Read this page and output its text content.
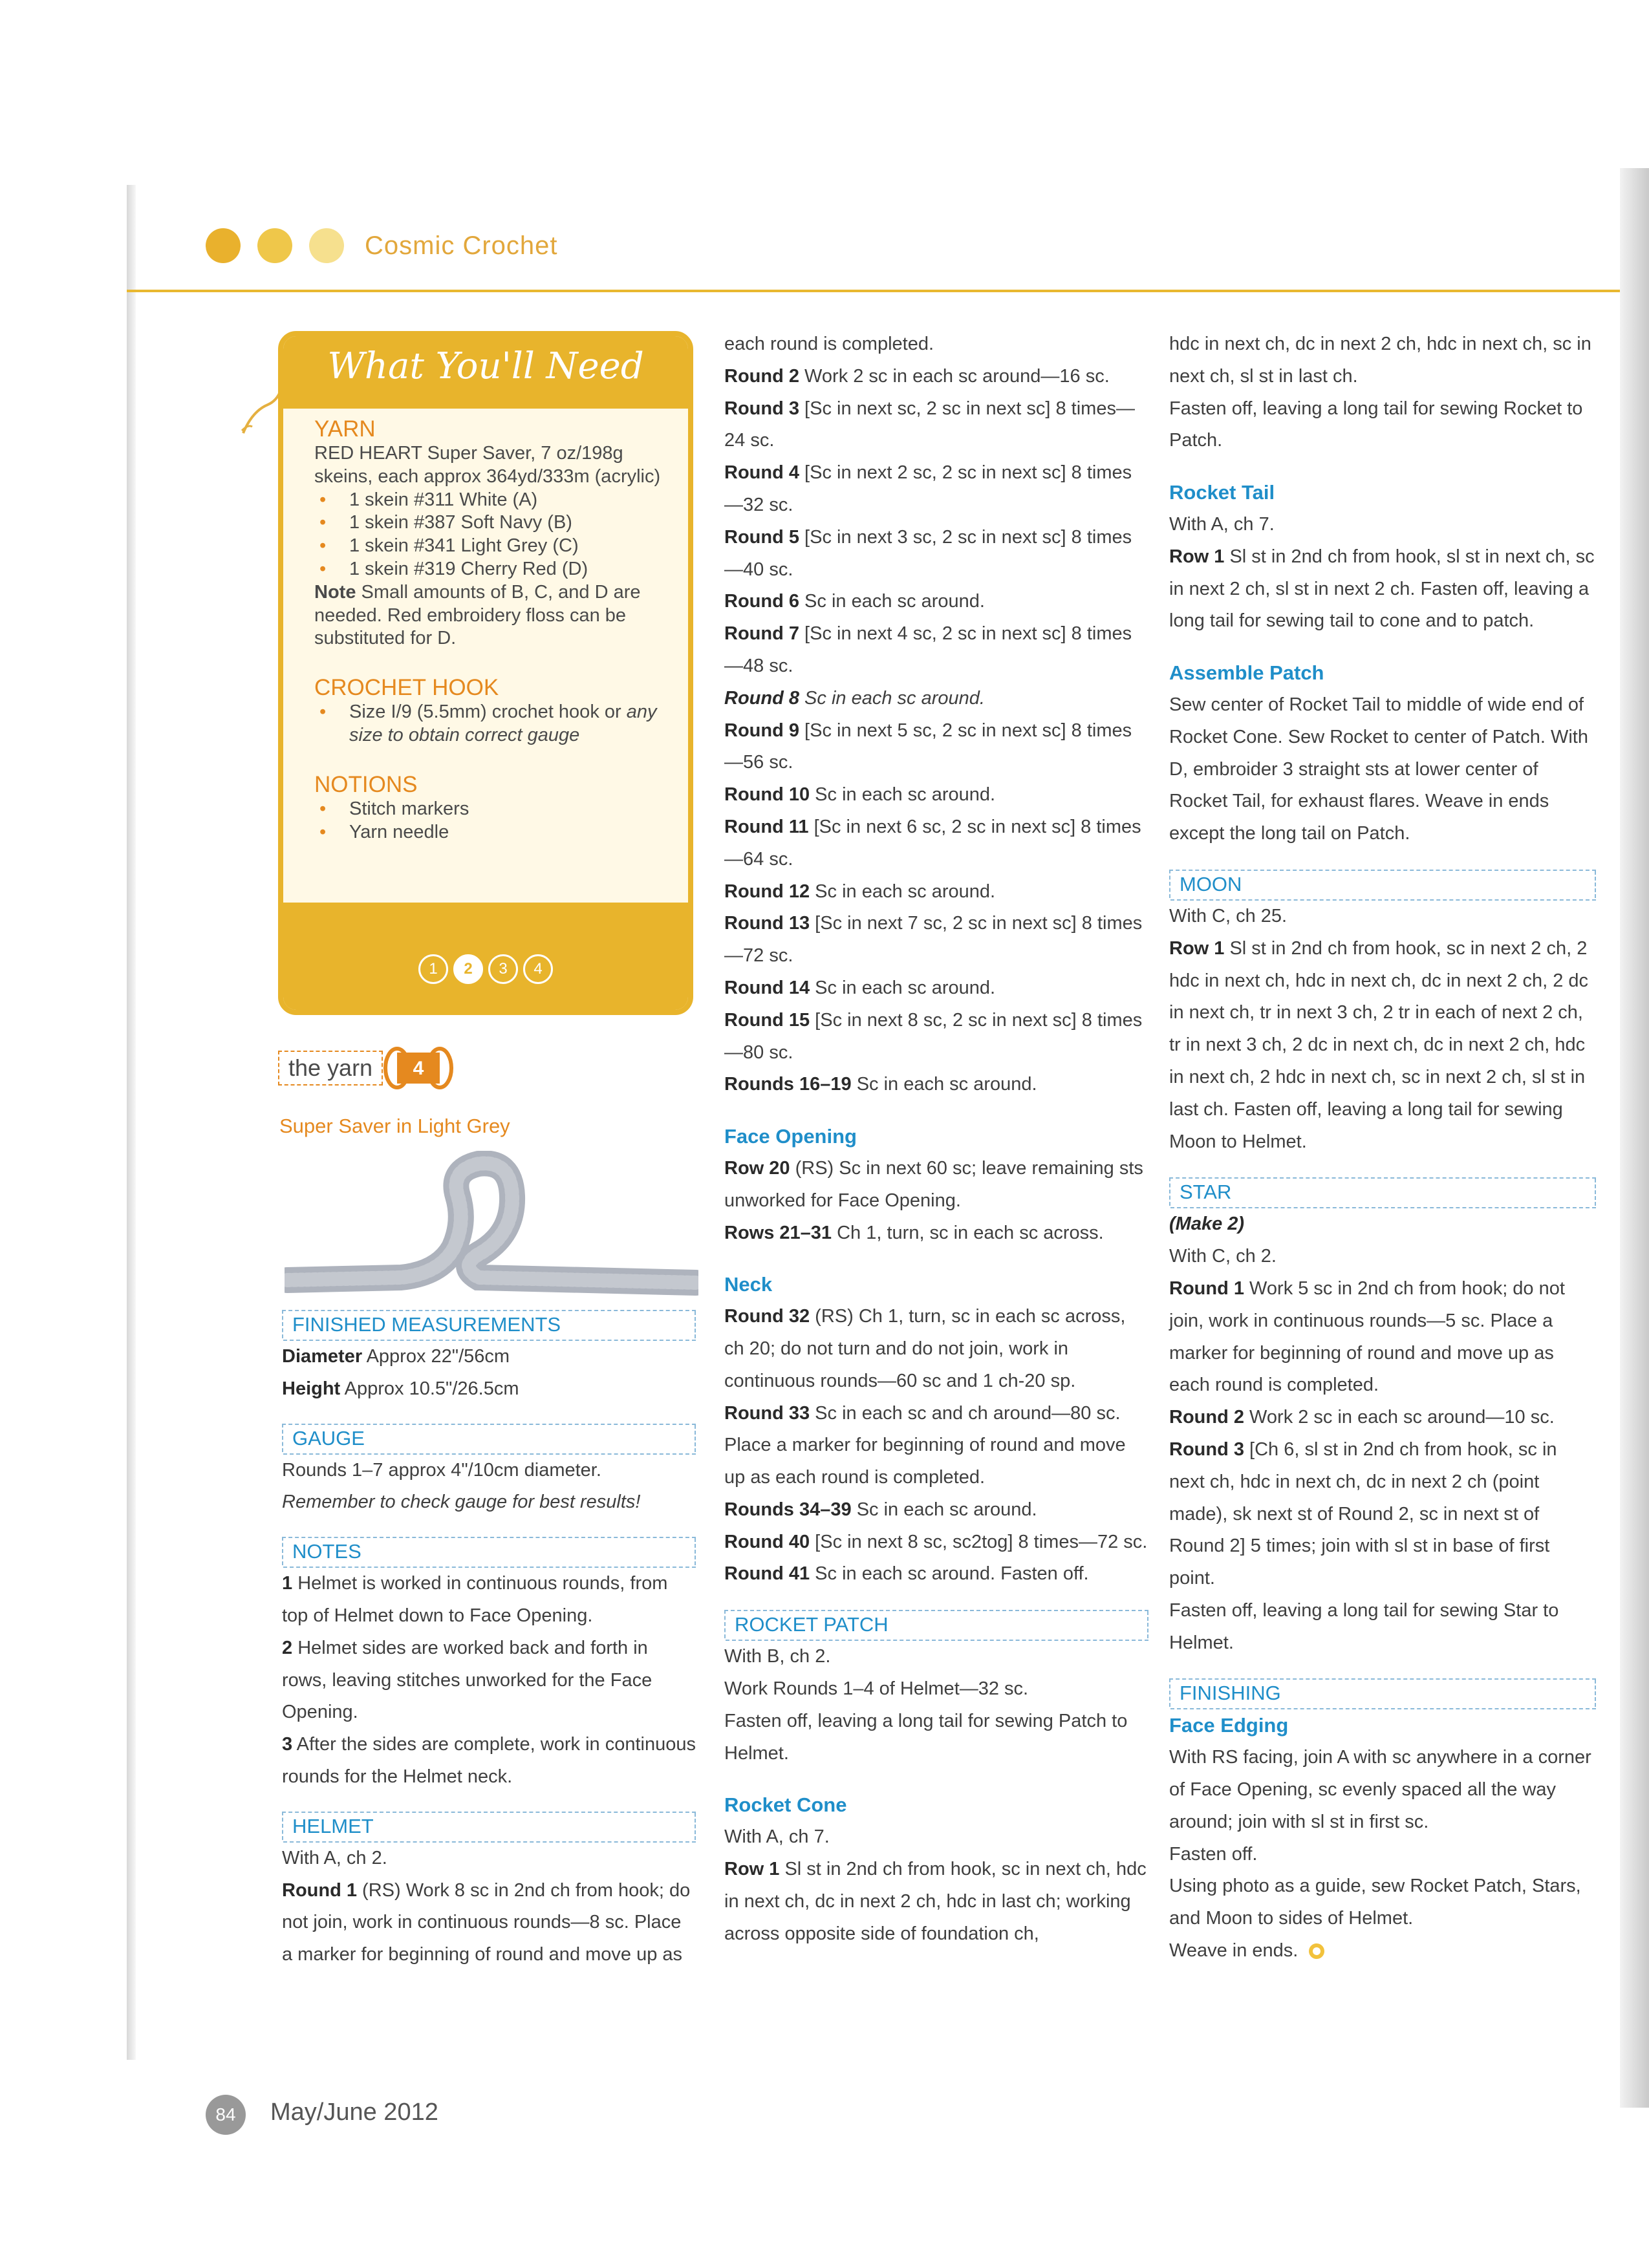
Cosmic Crochet
What You'll Need
YARN
RED HEART Super Saver, 7 oz/198g skeins, each approx 364yd/333m (acrylic)
• 1 skein #311 White (A)
• 1 skein #387 Soft Navy (B)
• 1 skein #341 Light Grey (C)
• 1 skein #319 Cherry Red (D)
Note Small amounts of B, C, and D are needed. Red embroidery floss can be substituted for D.
CROCHET HOOK
• Size I/9 (5.5mm) crochet hook or any size to obtain correct gauge
NOTIONS
• Stitch markers
• Yarn needle
1 2 3 4
the yarn	4
Super Saver in Light Grey
FINISHED MEASUREMENTS

Diameter Approx 22"/56cm

Height Approx 10.5"/26.5cm

GAUGE

Rounds 1–7 approx 4"/10cm diameter.

Remember to check gauge for best results!

NOTES

1 Helmet is worked in continuous rounds, from top of Helmet down to Face Opening.

2 Helmet sides are worked back and forth in rows, leaving stitches unworked for the Face Opening.

3 After the sides are complete, work in continuous rounds for the Helmet neck.

HELMET

With A, ch 2.

Round 1 (RS) Work 8 sc in 2nd ch from hook; do not join, work in continuous rounds—8 sc. Place a marker for beginning of round and move up as

each round is completed.

Round 2 Work 2 sc in each sc around—16 sc.

Round 3 [Sc in next sc, 2 sc in next sc] 8 times—24 sc.

Round 4 [Sc in next 2 sc, 2 sc in next sc] 8 times—32 sc.

Round 5 [Sc in next 3 sc, 2 sc in next sc] 8 times—40 sc.

Round 6 Sc in each sc around.

Round 7 [Sc in next 4 sc, 2 sc in next sc] 8 times—48 sc.

Round 8 Sc in each sc around.

Round 9 [Sc in next 5 sc, 2 sc in next sc] 8 times—56 sc.

Round 10 Sc in each sc around.

Round 11 [Sc in next 6 sc, 2 sc in next sc] 8 times—64 sc.

Round 12 Sc in each sc around.

Round 13 [Sc in next 7 sc, 2 sc in next sc] 8 times—72 sc.

Round 14 Sc in each sc around.

Round 15 [Sc in next 8 sc, 2 sc in next sc] 8 times—80 sc.

Rounds 16–19 Sc in each sc around.

Face Opening

Row 20 (RS) Sc in next 60 sc; leave remaining sts unworked for Face Opening.

Rows 21–31 Ch 1, turn, sc in each sc across.

Neck

Round 32 (RS) Ch 1, turn, sc in each sc across, ch 20; do not turn and do not join, work in continuous rounds—60 sc and 1 ch-20 sp.

Round 33 Sc in each sc and ch around—80 sc. Place a marker for beginning of round and move up as each round is completed.

Rounds 34–39 Sc in each sc around.

Round 40 [Sc in next 8 sc, sc2tog] 8 times—72 sc.

Round 41 Sc in each sc around. Fasten off.

ROCKET PATCH

With B, ch 2.

Work Rounds 1–4 of Helmet—32 sc.

Fasten off, leaving a long tail for sewing Patch to Helmet.

Rocket Cone

With A, ch 7.

Row 1 Sl st in 2nd ch from hook, sc in next ch, hdc in next ch, dc in next 2 ch, hdc in last ch; working across opposite side of foundation ch,

hdc in next ch, dc in next 2 ch, hdc in next ch, sc in next ch, sl st in last ch.

Fasten off, leaving a long tail for sewing Rocket to Patch.

Rocket Tail

With A, ch 7.

Row 1 Sl st in 2nd ch from hook, sl st in next ch, sc in next 2 ch, sl st in next 2 ch. Fasten off, leaving a long tail for sewing tail to cone and to patch.

Assemble Patch

Sew center of Rocket Tail to middle of wide end of Rocket Cone. Sew Rocket to center of Patch. With D, embroider 3 straight sts at lower center of Rocket Tail, for exhaust flares. Weave in ends except the long tail on Patch.

MOON

With C, ch 25.

Row 1 Sl st in 2nd ch from hook, sc in next 2 ch, 2 hdc in next ch, hdc in next ch, dc in next 2 ch, 2 dc in next ch, tr in next 3 ch, 2 tr in each of next 2 ch, tr in next 3 ch, 2 dc in next ch, dc in next 2 ch, hdc in next ch, 2 hdc in next ch, sc in next 2 ch, sl st in last ch. Fasten off, leaving a long tail for sewing Moon to Helmet.

STAR

(Make 2)

With C, ch 2.

Round 1 Work 5 sc in 2nd ch from hook; do not join, work in continuous rounds—5 sc. Place a marker for beginning of round and move up as each round is completed.

Round 2 Work 2 sc in each sc around—10 sc.

Round 3 [Ch 6, sl st in 2nd ch from hook, sc in next ch, hdc in next ch, dc in next 2 ch (point made), sk next st of Round 2, sc in next st of Round 2] 5 times; join with sl st in base of first point.

Fasten off, leaving a long tail for sewing Star to Helmet.

FINISHING

Face Edging

With RS facing, join A with sc anywhere in a corner of Face Opening, sc evenly spaced all the way around; join with sl st in first sc.

Fasten off.

Using photo as a guide, sew Rocket Patch, Stars, and Moon to sides of Helmet.

Weave in ends.

84	May/June 2012
